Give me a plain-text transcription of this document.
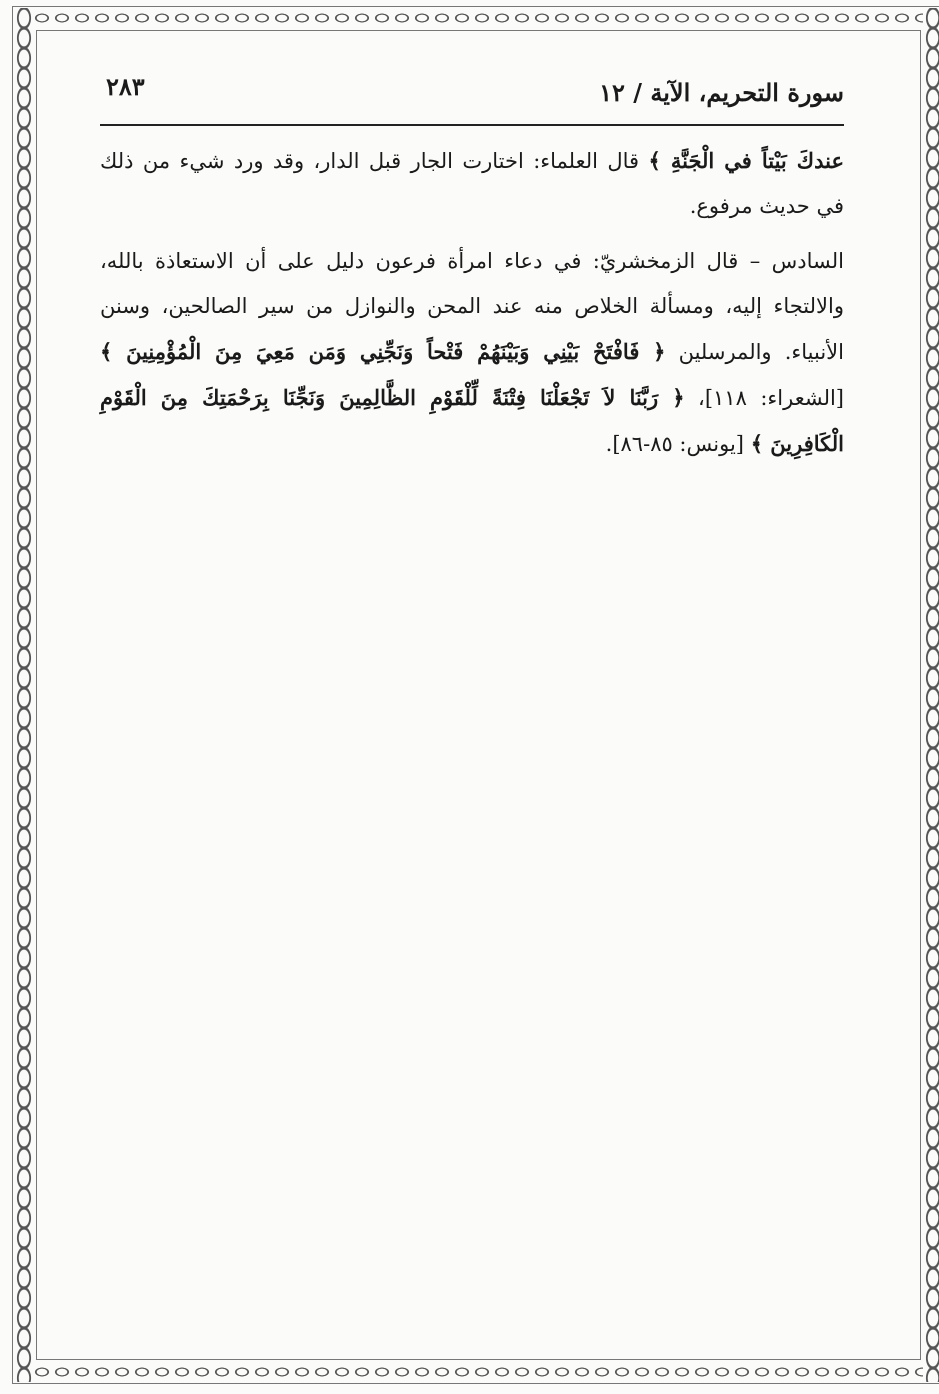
سورة التحريم، الآية / ١٢
٢٨٣
عندكَ بَيْتاً في الْجَنَّةِ ﴾ قال العلماء: اختارت الجار قبل الدار، وقد ورد شيء من ذلك
في حديث مرفوع.
السادس – قال الزمخشريّ: في دعاء امرأة فرعون دليل على أن الاستعاذة بالله،
والالتجاء إليه، ومسألة الخلاص منه عند المحن والنوازل من سير الصالحين، وسنن
الأنبياء. والمرسلين ﴿ فَافْتَحْ بَيْنِي وَبَيْنَهُمْ فَتْحاً وَنَجِّنِي وَمَن مَعِيَ مِنَ الْمُؤْمِنِينَ ﴾
[الشعراء: ١١٨]، ﴿ رَبَّنَا لاَ تَجْعَلْنَا فِتْنَةً لِّلْقَوْمِ الظَّالِمِينَ وَنَجِّنَا بِرَحْمَتِكَ مِنَ الْقَوْمِ
الْكَافِرِينَ ﴾ [يونس: ٨٥-٨٦].
